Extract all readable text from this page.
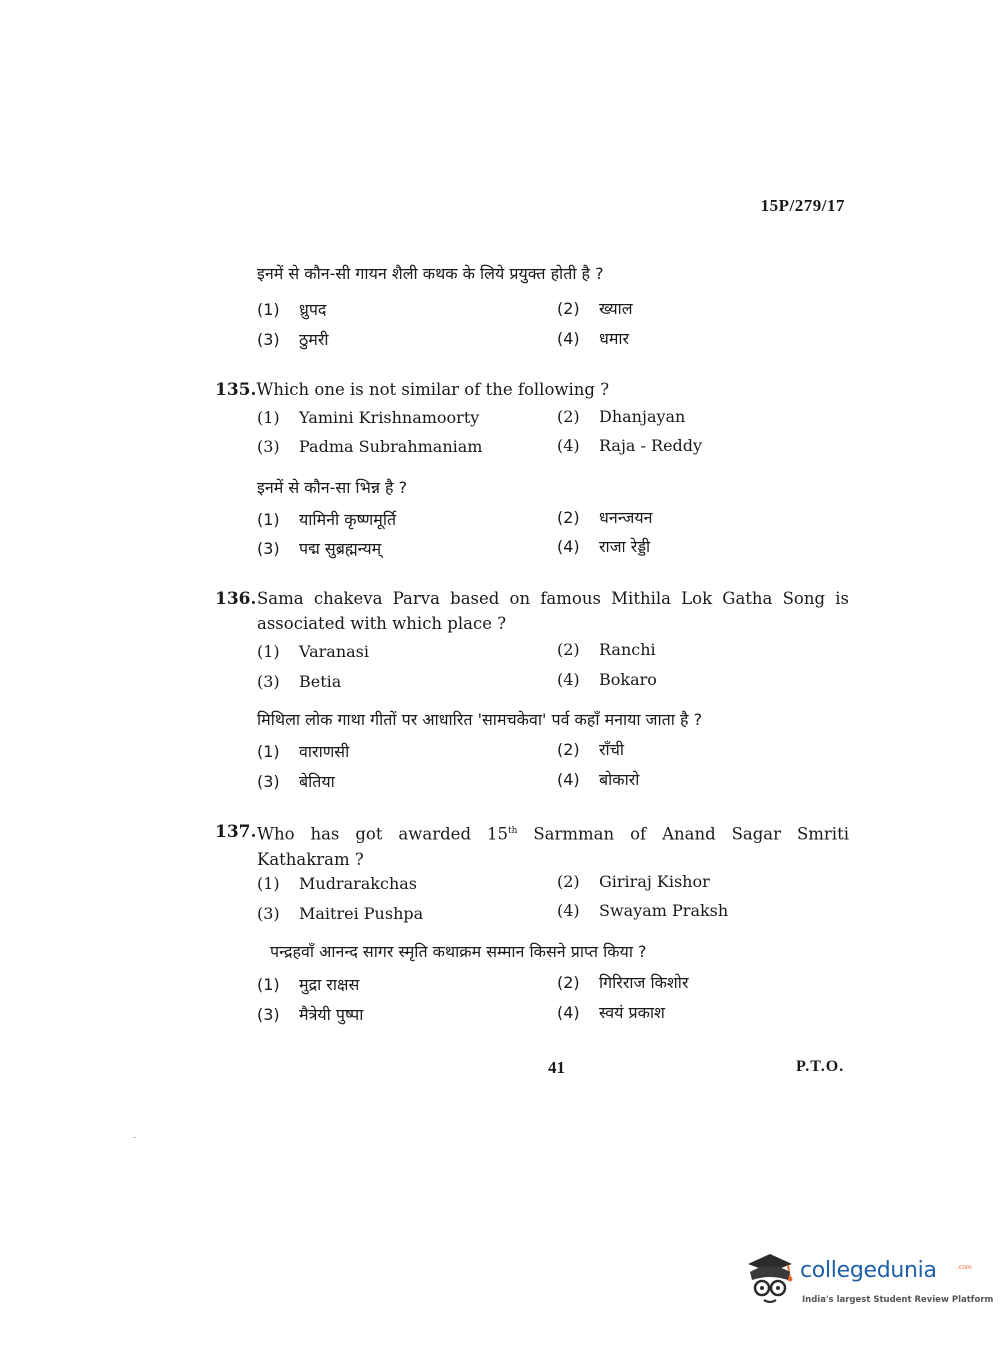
15P/279/17
इनमें से कौन-सी गायन शैली कथक के लिये प्रयुक्त होती है ?
(1) ध्रुपद	(2) ख्याल
(3) ठुमरी	(4) धमार
135.Which one is not similar of the following ?
(1) Yamini Krishnamoorty	(2) Dhanjayan
(3) Padma Subrahmaniam	(4) Raja - Reddy
इनमें से कौन-सा भिन्न है ?
(1) यामिनी कृष्णमूर्ति	(2) धनन्जयन
(3) पद्म सुब्रह्मन्यम्	(4) राजा रेड्डी
136. Sama chakeva Parva based on famous Mithila Lok Gatha Song is associated with which place ?
(1) Varanasi	(2) Ranchi
(3) Betia	(4) Bokaro
मिथिला लोक गाथा गीतों पर आधारित 'सामचकेवा' पर्व कहाँ मनाया जाता है ?
(1) वाराणसी	(2) राँची
(3) बेतिया	(4) बोकारो
137. Who has got awarded 15th Sarmman of Anand Sagar Smriti Kathakram ?
(1) Mudrarakchas	(2) Giriraj Kishor
(3) Maitrei Pushpa	(4) Swayam Praksh
पन्द्रहवाँ आनन्द सागर स्मृति कथाक्रम सम्मान किसने प्राप्त किया ?
(1) मुद्रा राक्षस	(2) गिरिराज किशोर
(3) मैत्रेयी पुष्पा	(4) स्वयं प्रकाश
41	P.T.O.
collegedunia	.com
India's largest Student Review Platform
